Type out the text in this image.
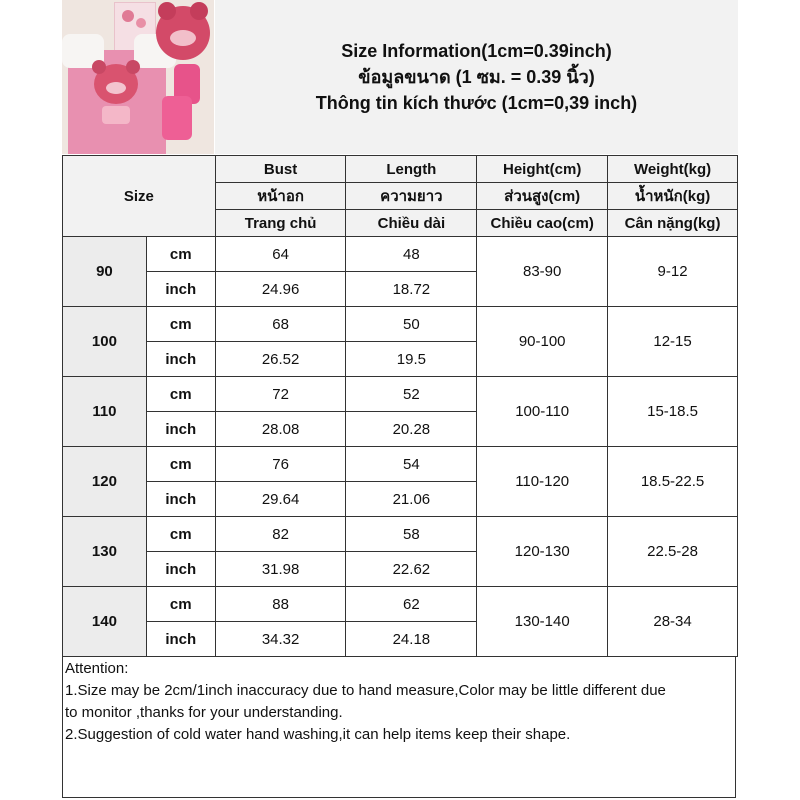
Size Information(1cm=0.39inch)
ข้อมูลขนาด (1 ซม. = 0.39 นิ้ว)
Thông tin kích thước (1cm=0,39 inch)
Size		Bust	Length	Height(cm)	Weight(kg)
		หน้าอก	ความยาว	ส่วนสูง(cm)	น้ำหนัก(kg)
		Trang chủ	Chiều dài	Chiều cao(cm)	Cân nặng(kg)
90	cm	64	48	83-90	9-12
	inch	24.96	18.72		
100	cm	68	50	90-100	12-15
	inch	26.52	19.5		
110	cm	72	52	100-110	15-18.5
	inch	28.08	20.28		
120	cm	76	54	110-120	18.5-22.5
	inch	29.64	21.06		
130	cm	82	58	120-130	22.5-28
	inch	31.98	22.62		
140	cm	88	62	130-140	28-34
	inch	34.32	24.18		
Attention:
1.Size may be 2cm/1inch inaccuracy due to hand measure,Color may be little different due
to monitor ,thanks for your understanding.
2.Suggestion of cold water hand washing,it can help items keep their shape.
